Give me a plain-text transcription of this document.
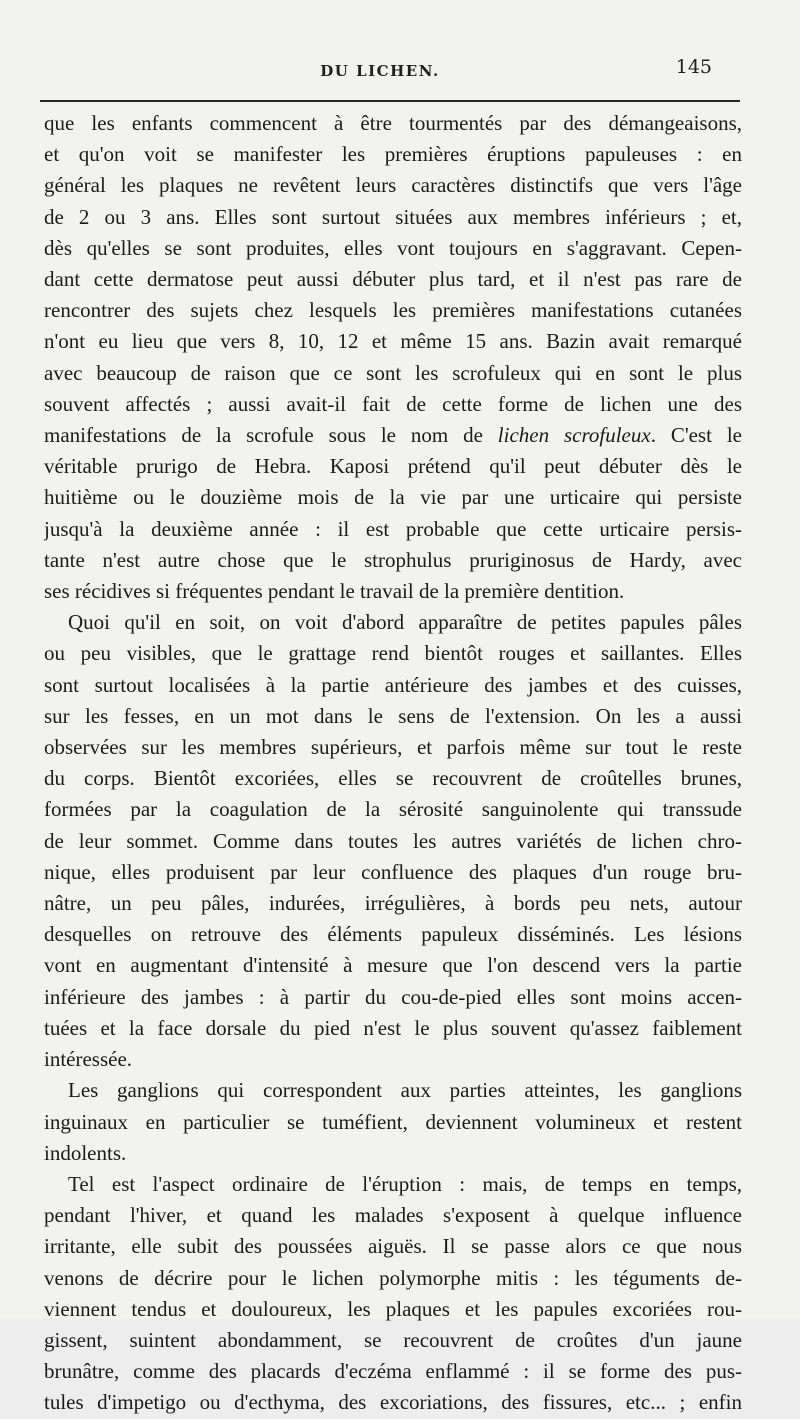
DU LICHEN.	145
que les enfants commencent à être tourmentés par des démangeaisons,
et qu'on voit se manifester les premières éruptions papuleuses : en
général les plaques ne revêtent leurs caractères distinctifs que vers l'âge
de 2 ou 3 ans. Elles sont surtout situées aux membres inférieurs ; et,
dès qu'elles se sont produites, elles vont toujours en s'aggravant. Cepen-
dant cette dermatose peut aussi débuter plus tard, et il n'est pas rare de
rencontrer des sujets chez lesquels les premières manifestations cutanées
n'ont eu lieu que vers 8, 10, 12 et même 15 ans. Bazin avait remarqué
avec beaucoup de raison que ce sont les scrofuleux qui en sont le plus
souvent affectés ; aussi avait-il fait de cette forme de lichen une des
manifestations de la scrofule sous le nom de lichen scrofuleux. C'est le
véritable prurigo de Hebra. Kaposi prétend qu'il peut débuter dès le
huitième ou le douzième mois de la vie par une urticaire qui persiste
jusqu'à la deuxième année : il est probable que cette urticaire persis-
tante n'est autre chose que le strophulus pruriginosus de Hardy, avec
ses récidives si fréquentes pendant le travail de la première dentition.
Quoi qu'il en soit, on voit d'abord apparaître de petites papules pâles
ou peu visibles, que le grattage rend bientôt rouges et saillantes. Elles
sont surtout localisées à la partie antérieure des jambes et des cuisses,
sur les fesses, en un mot dans le sens de l'extension. On les a aussi
observées sur les membres supérieurs, et parfois même sur tout le reste
du corps. Bientôt excoriées, elles se recouvrent de croûtelles brunes,
formées par la coagulation de la sérosité sanguinolente qui transsude
de leur sommet. Comme dans toutes les autres variétés de lichen chro-
nique, elles produisent par leur confluence des plaques d'un rouge bru-
nâtre, un peu pâles, indurées, irrégulières, à bords peu nets, autour
desquelles on retrouve des éléments papuleux disséminés. Les lésions
vont en augmentant d'intensité à mesure que l'on descend vers la partie
inférieure des jambes : à partir du cou-de-pied elles sont moins accen-
tuées et la face dorsale du pied n'est le plus souvent qu'assez faiblement
intéressée.
Les ganglions qui correspondent aux parties atteintes, les ganglions
inguinaux en particulier se tuméfient, deviennent volumineux et restent
indolents.
Tel est l'aspect ordinaire de l'éruption : mais, de temps en temps,
pendant l'hiver, et quand les malades s'exposent à quelque influence
irritante, elle subit des poussées aiguës. Il se passe alors ce que nous
venons de décrire pour le lichen polymorphe mitis : les téguments de-
viennent tendus et douloureux, les plaques et les papules excoriées rou-
gissent, suintent abondamment, se recouvrent de croûtes d'un jaune
brunâtre, comme des placards d'eczéma enflammé : il se forme des pus-
tules d'impetigo ou d'ecthyma, des excoriations, des fissures, etc... ; enfin
